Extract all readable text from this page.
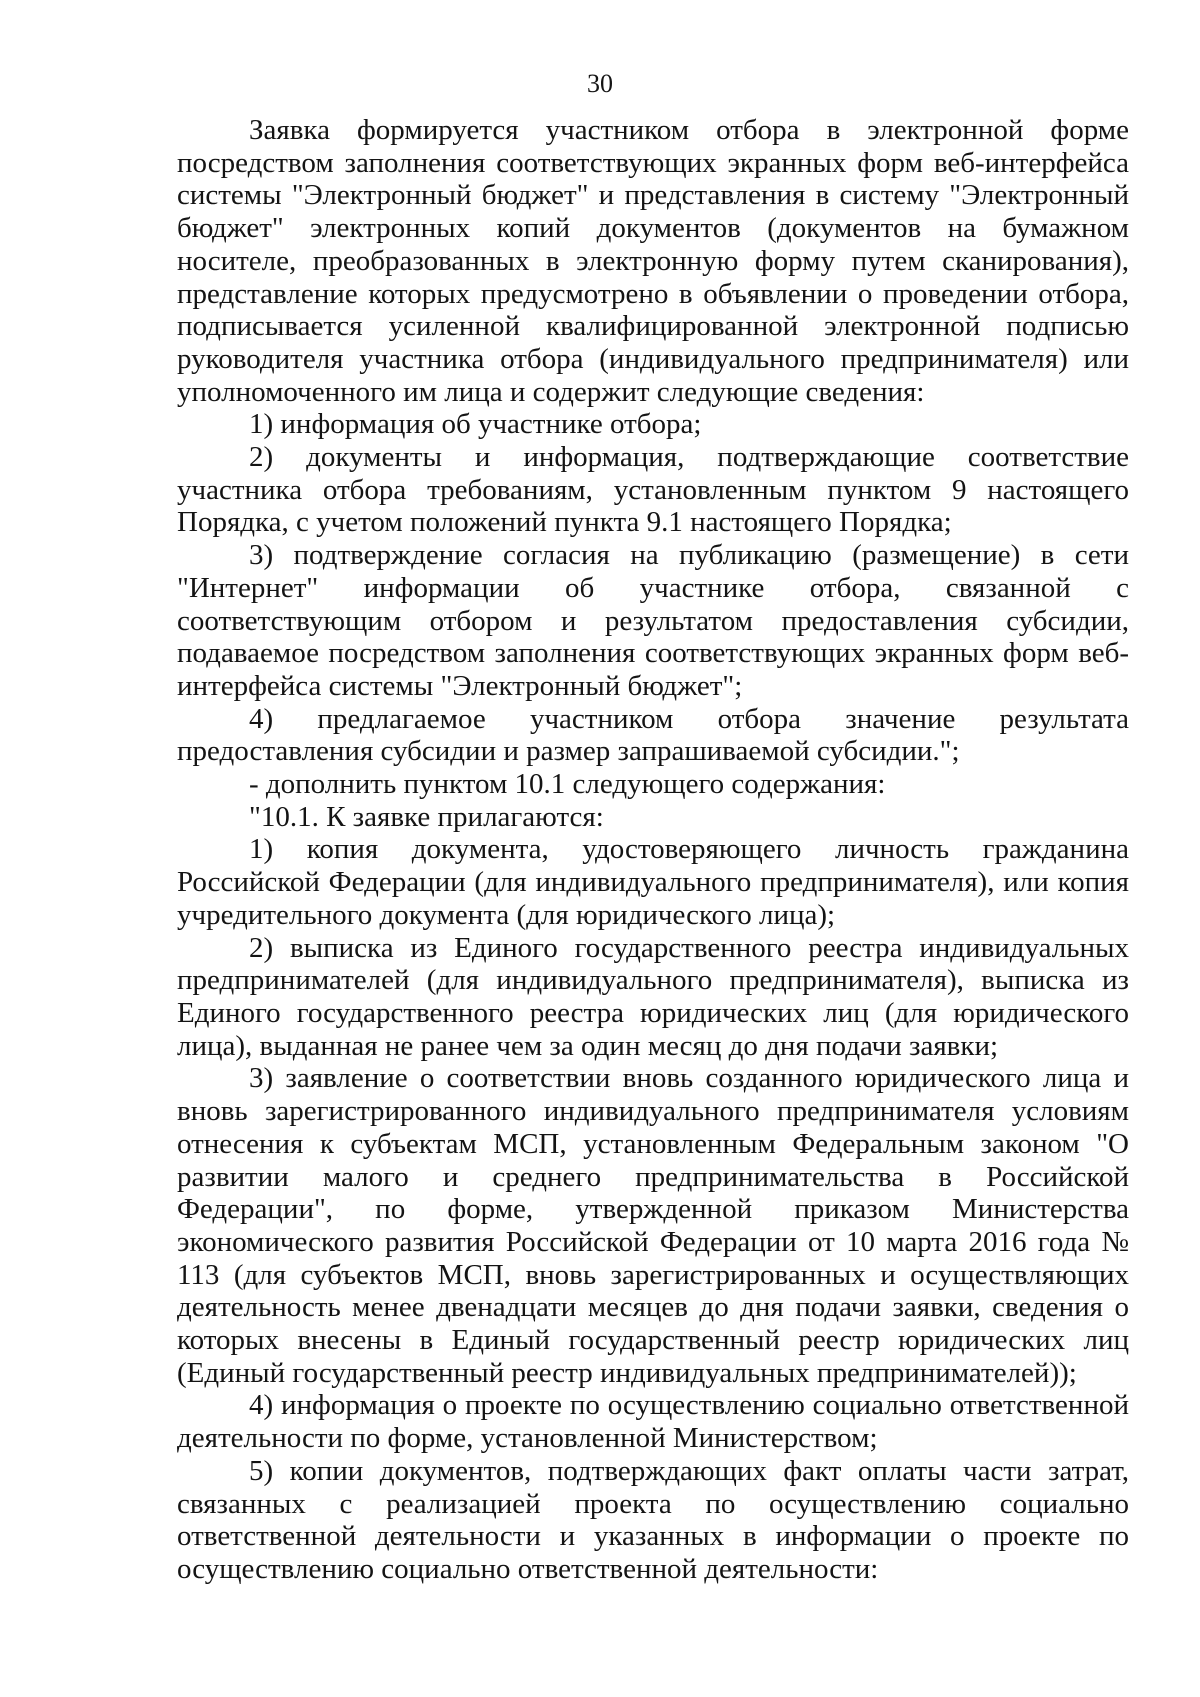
30

Заявка формируется участником отбора в электронной форме посредством заполнения соответствующих экранных форм веб-интерфейса системы "Электронный бюджет" и представления в систему "Электронный бюджет" электронных копий документов (документов на бумажном носителе, преобразованных в электронную форму путем сканирования), представление которых предусмотрено в объявлении о проведении отбора, подписывается усиленной квалифицированной электронной подписью руководителя участника отбора (индивидуального предпринимателя) или уполномоченного им лица и содержит следующие сведения:

1) информация об участнике отбора;

2) документы и информация, подтверждающие соответствие участника отбора требованиям, установленным пунктом 9 настоящего Порядка, с учетом положений пункта 9.1 настоящего Порядка;

3) подтверждение согласия на публикацию (размещение) в сети "Интернет" информации об участнике отбора, связанной с соответствующим отбором и результатом предоставления субсидии, подаваемое посредством заполнения соответствующих экранных форм веб-интерфейса системы "Электронный бюджет";

4) предлагаемое участником отбора значение результата предоставления субсидии и размер запрашиваемой субсидии.";

- дополнить пунктом 10.1 следующего содержания:

"10.1. К заявке прилагаются:

1) копия документа, удостоверяющего личность гражданина Российской Федерации (для индивидуального предпринимателя), или копия учредительного документа (для юридического лица);

2) выписка из Единого государственного реестра индивидуальных предпринимателей (для индивидуального предпринимателя), выписка из Единого государственного реестра юридических лиц (для юридического лица), выданная не ранее чем за один месяц до дня подачи заявки;

3) заявление о соответствии вновь созданного юридического лица и вновь зарегистрированного индивидуального предпринимателя условиям отнесения к субъектам МСП, установленным Федеральным законом "О развитии малого и среднего предпринимательства в Российской Федерации", по форме, утвержденной приказом Министерства экономического развития Российской Федерации от 10 марта 2016 года № 113 (для субъектов МСП, вновь зарегистрированных и осуществляющих деятельность менее двенадцати месяцев до дня подачи заявки, сведения о которых внесены в Единый государственный реестр юридических лиц (Единый государственный реестр индивидуальных предпринимателей));

4) информация о проекте по осуществлению социально ответственной деятельности по форме, установленной Министерством;

5) копии документов, подтверждающих факт оплаты части затрат, связанных с реализацией проекта по осуществлению социально ответственной деятельности и указанных в информации о проекте по осуществлению социально ответственной деятельности:
